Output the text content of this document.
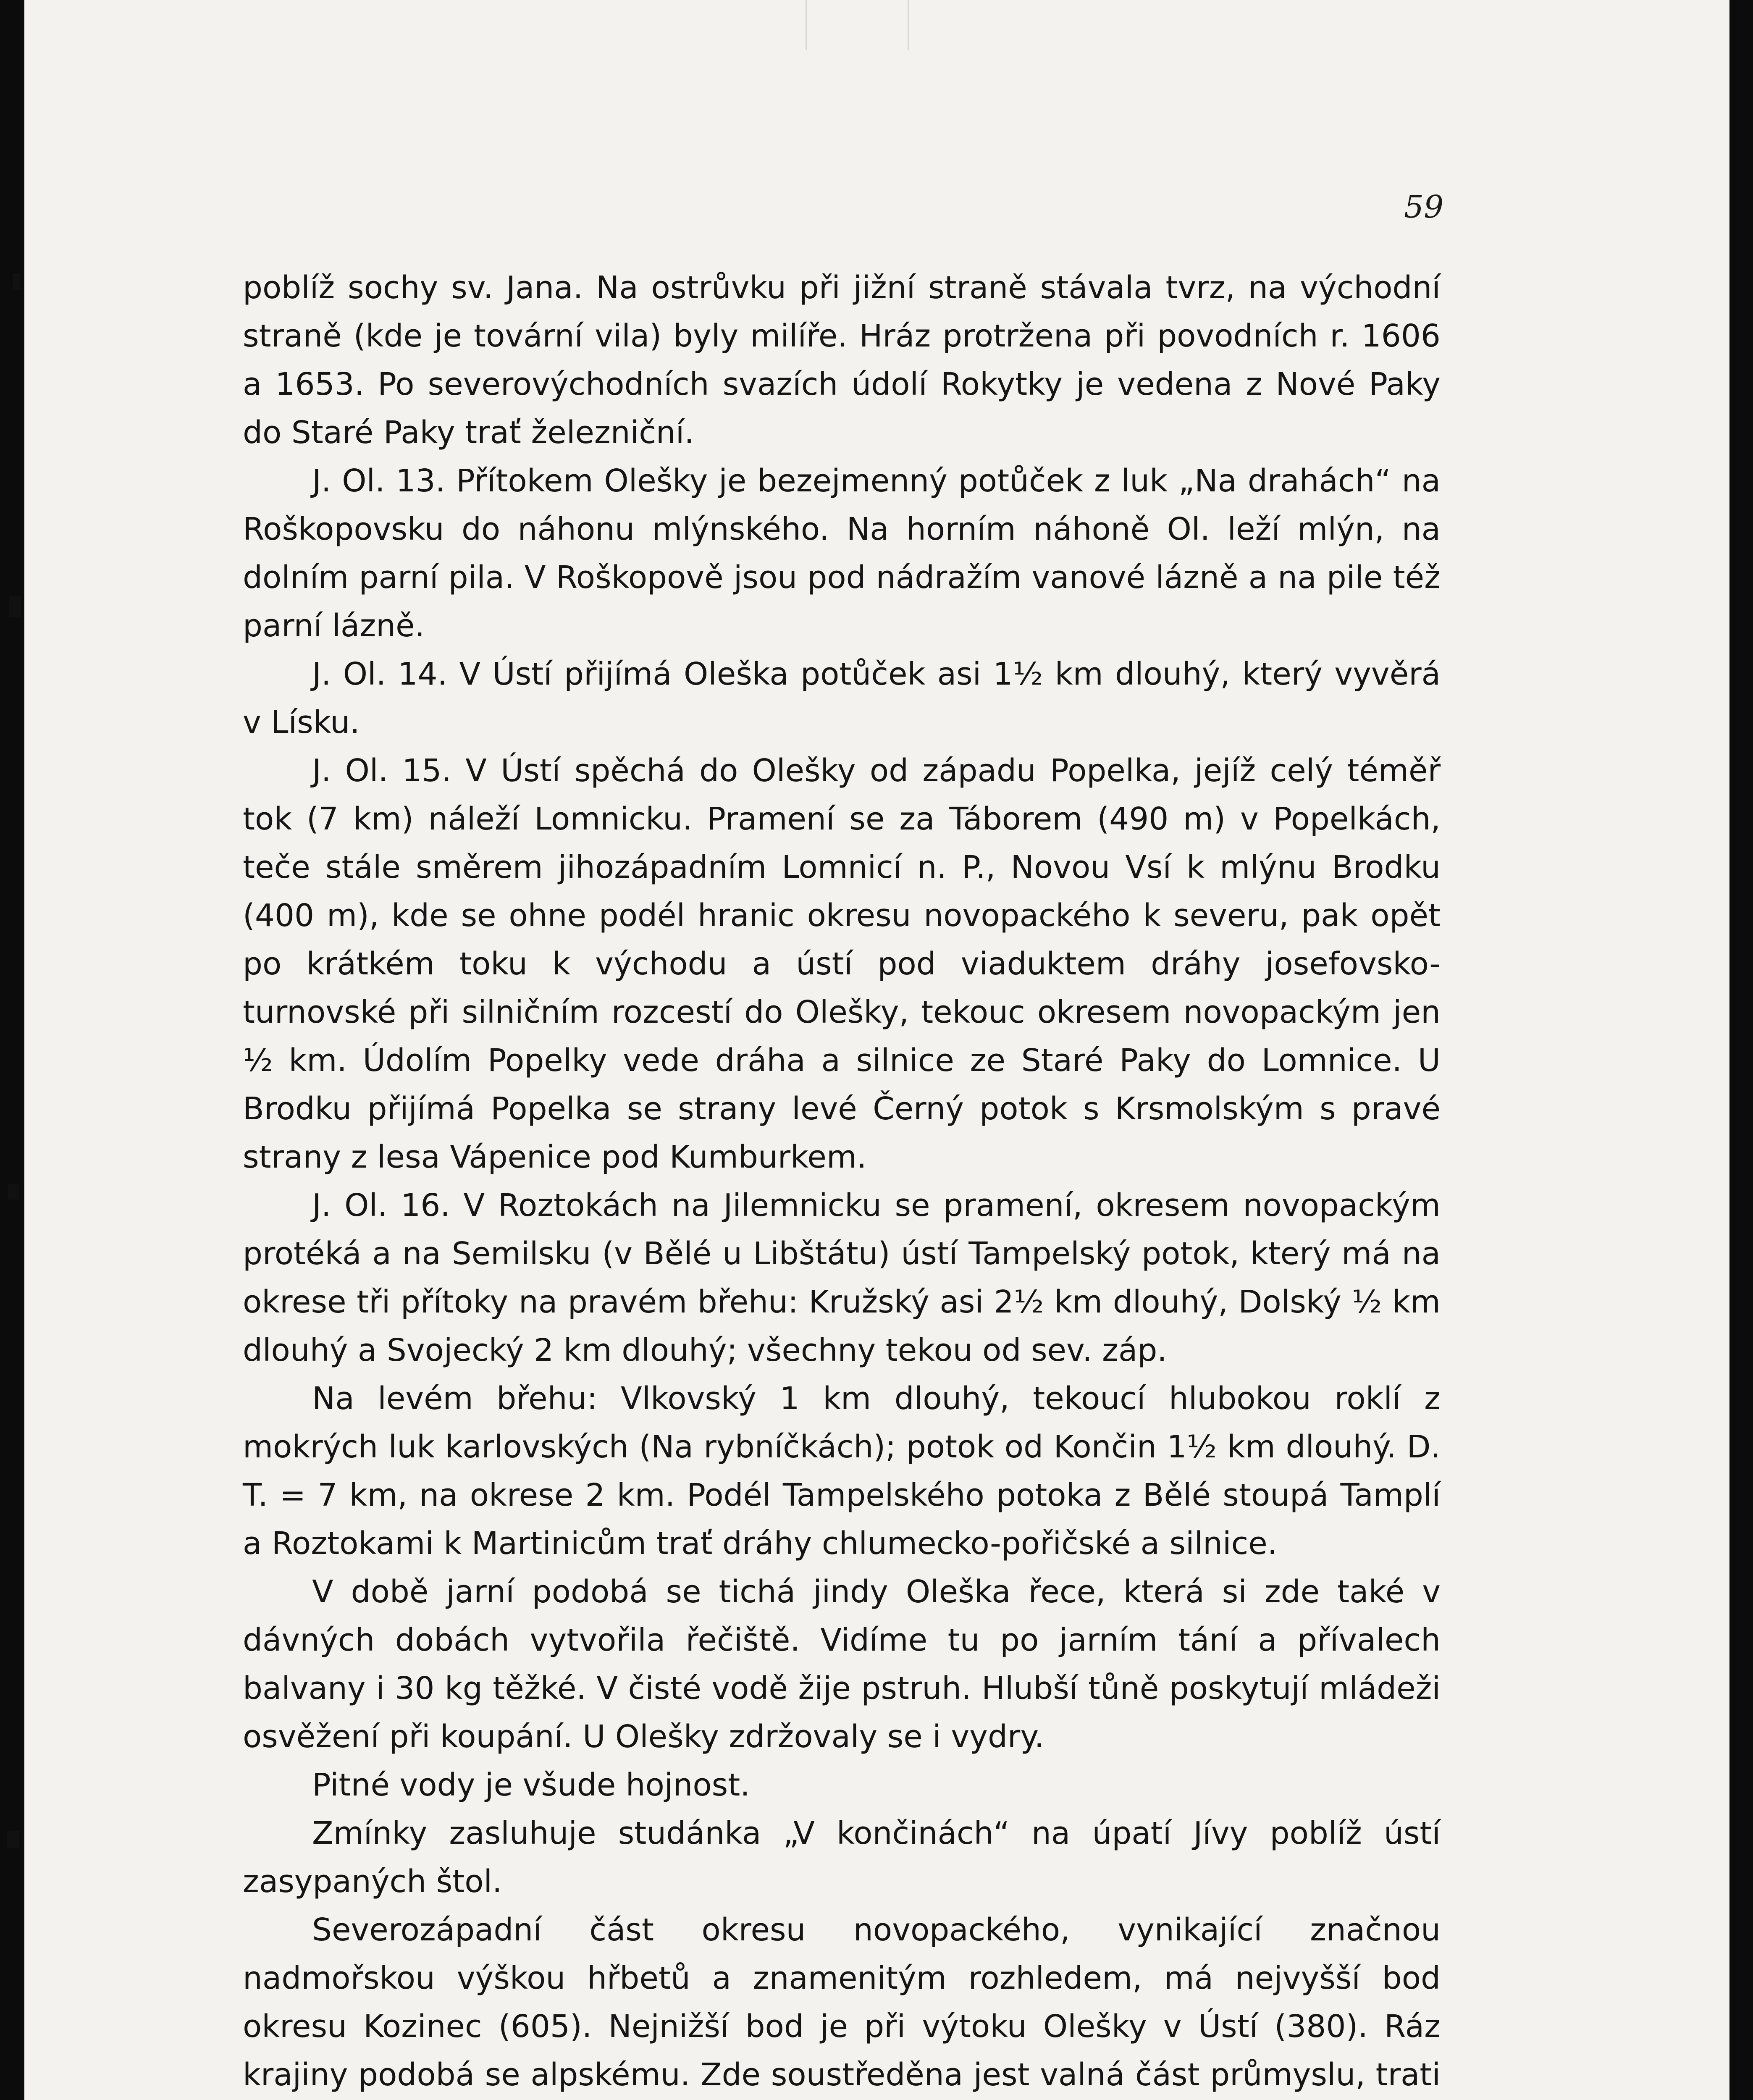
59

poblíž sochy sv. Jana. Na ostrůvku při jižní straně stávala tvrz, na východní straně (kde je tovární vila) byly milíře. Hráz protržena při povodních r. 1606 a 1653. Po severovýchodních svazích údolí Rokytky je vedena z Nové Paky do Staré Paky trať železniční.

J. Ol. 13. Přítokem Olešky je bezejmenný potůček z luk „Na drahách“ na Roškopovsku do náhonu mlýnského. Na horním náhoně Ol. leží mlýn, na dolním parní pila. V Roškopově jsou pod nádražím vanové lázně a na pile též parní lázně.

J. Ol. 14. V Ústí přijímá Oleška potůček asi 1½ km dlouhý, který vyvěrá v Lísku.

J. Ol. 15. V Ústí spěchá do Olešky od západu Popelka, jejíž celý téměř tok (7 km) náleží Lomnicku. Pramení se za Táborem (490 m) v Popelkách, teče stále směrem jihozápadním Lomnicí n. P., Novou Vsí k mlýnu Brodku (400 m), kde se ohne podél hranic okresu novopackého k severu, pak opět po krátkém toku k východu a ústí pod viaduktem dráhy josefovsko-turnovské při silničním rozcestí do Olešky, tekouc okresem novopackým jen ½ km. Údolím Popelky vede dráha a silnice ze Staré Paky do Lomnice. U Brodku přijímá Popelka se strany levé Černý potok s Krsmolským s pravé strany z lesa Vápenice pod Kumburkem.

J. Ol. 16. V Roztokách na Jilemnicku se pramení, okresem novopackým protéká a na Semilsku (v Bělé u Libštátu) ústí Tampelský potok, který má na okrese tři přítoky na pravém břehu: Kružský asi 2½ km dlouhý, Dolský ½ km dlouhý a Svojecký 2 km dlouhý; všechny tekou od sev. záp.

Na levém břehu: Vlkovský 1 km dlouhý, tekoucí hlubokou roklí z mokrých luk karlovských (Na rybníčkách); potok od Končin 1½ km dlouhý. D. T. = 7 km, na okrese 2 km. Podél Tampelského potoka z Bělé stoupá Tamplí a Roztokami k Martinicům trať dráhy chlumecko-pořičské a silnice.

V době jarní podobá se tichá jindy Oleška řece, která si zde také v dávných dobách vytvořila řečiště. Vidíme tu po jarním tání a přívalech balvany i 30 kg těžké. V čisté vodě žije pstruh. Hlubší tůně poskytují mládeži osvěžení při koupání. U Olešky zdržovaly se i vydry.

Pitné vody je všude hojnost.

Zmínky zasluhuje studánka „V končinách“ na úpatí Jívy poblíž ústí zasypaných štol.

Severozápadní část okresu novopackého, vynikající značnou nadmořskou výškou hřbetů a znamenitým rozhledem, má nejvyšší bod okresu Kozinec (605). Nejnižší bod je při výtoku Olešky v Ústí (380). Ráz krajiny podobá se alpskému. Zde soustředěna jest valná část průmyslu, trati
